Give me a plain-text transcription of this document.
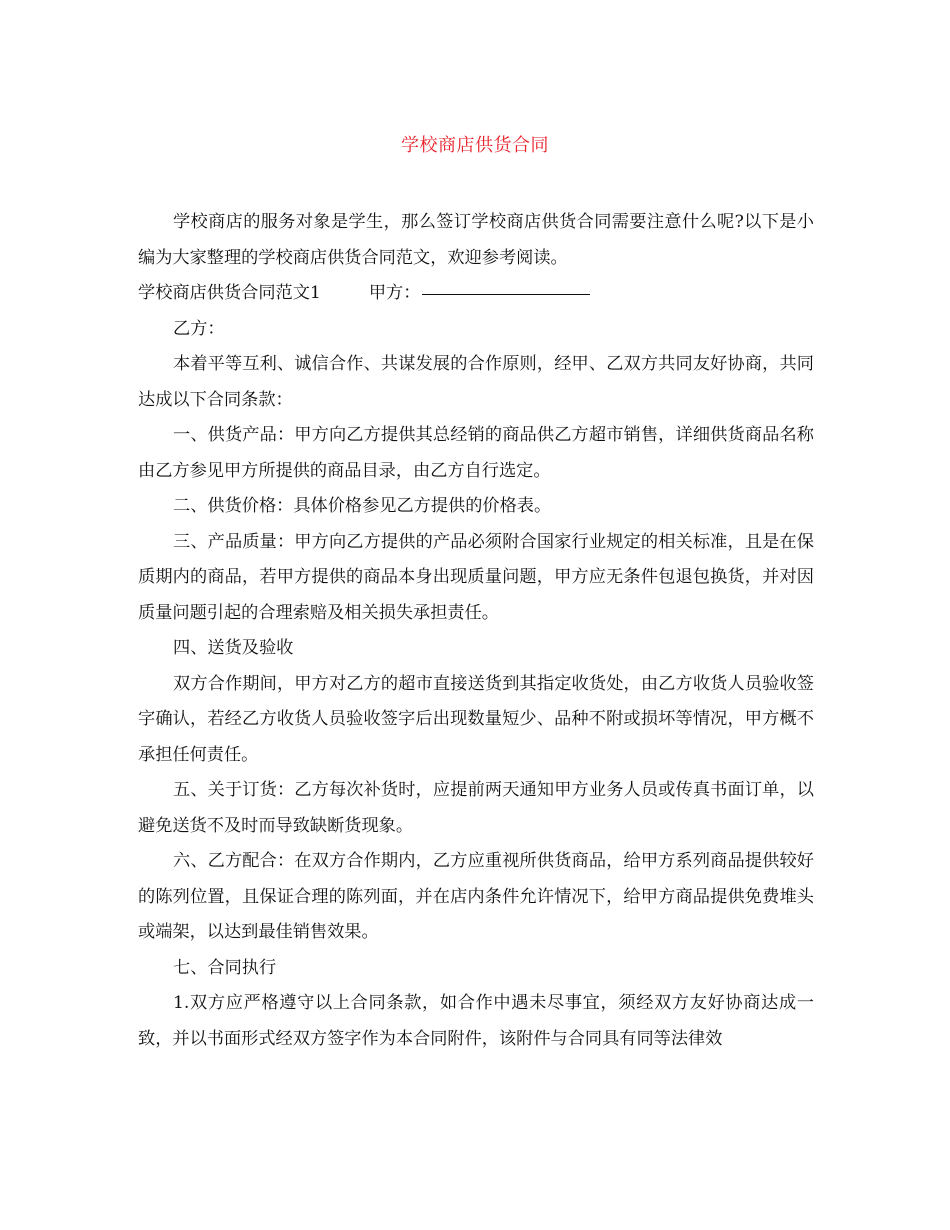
学校商店供货合同

学校商店的服务对象是学生，那么签订学校商店供货合同需要注意什么呢?以下是小编为大家整理的学校商店供货合同范文，欢迎参考阅读。

学校商店供货合同范文1	甲方：

乙方：

本着平等互利、诚信合作、共谋发展的合作原则，经甲、乙双方共同友好协商，共同达成以下合同条款：

一、供货产品：甲方向乙方提供其总经销的商品供乙方超市销售，详细供货商品名称由乙方参见甲方所提供的商品目录，由乙方自行选定。

二、供货价格：具体价格参见乙方提供的价格表。

三、产品质量：甲方向乙方提供的产品必须附合国家行业规定的相关标准，且是在保质期内的商品，若甲方提供的商品本身出现质量问题，甲方应无条件包退包换货，并对因质量问题引起的合理索赔及相关损失承担责任。

四、送货及验收

双方合作期间，甲方对乙方的超市直接送货到其指定收货处，由乙方收货人员验收签字确认，若经乙方收货人员验收签字后出现数量短少、品种不附或损坏等情况，甲方概不承担任何责任。

五、关于订货：乙方每次补货时，应提前两天通知甲方业务人员或传真书面订单，以避免送货不及时而导致缺断货现象。

六、乙方配合：在双方合作期内，乙方应重视所供货商品，给甲方系列商品提供较好的陈列位置，且保证合理的陈列面，并在店内条件允许情况下，给甲方商品提供免费堆头或端架，以达到最佳销售效果。

七、合同执行

1.双方应严格遵守以上合同条款，如合作中遇未尽事宜，须经双方友好协商达成一致，并以书面形式经双方签字作为本合同附件，该附件与合同具有同等法律效
